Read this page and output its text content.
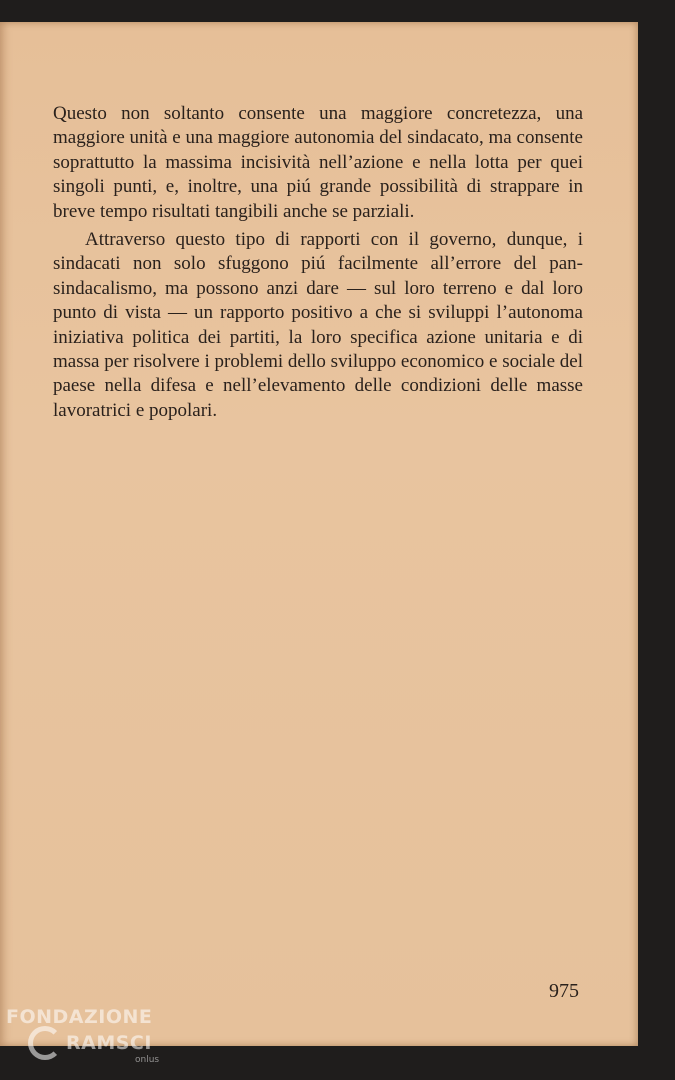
Questo non soltanto consente una maggiore concretezza, una maggiore unità e una maggiore autonomia del sindacato, ma consente soprattutto la massima incisività nell’azione e nella lotta per quei singoli punti, e, inoltre, una piú grande possibilità di strappare in breve tempo risultati tangibili anche se parziali.

Attraverso questo tipo di rapporti con il governo, dunque, i sindacati non solo sfuggono piú facilmente all’errore del pansindacalismo, ma possono anzi dare — sul loro terreno e dal loro punto di vista — un rapporto positivo a che si sviluppi l’autonoma iniziativa politica dei partiti, la loro specifica azione unitaria e di massa per risolvere i problemi dello sviluppo economico e sociale del paese nella difesa e nell’elevamento delle condizioni delle masse lavoratrici e popolari.

975
FONDAZIONE
RAMSCI
onlus
